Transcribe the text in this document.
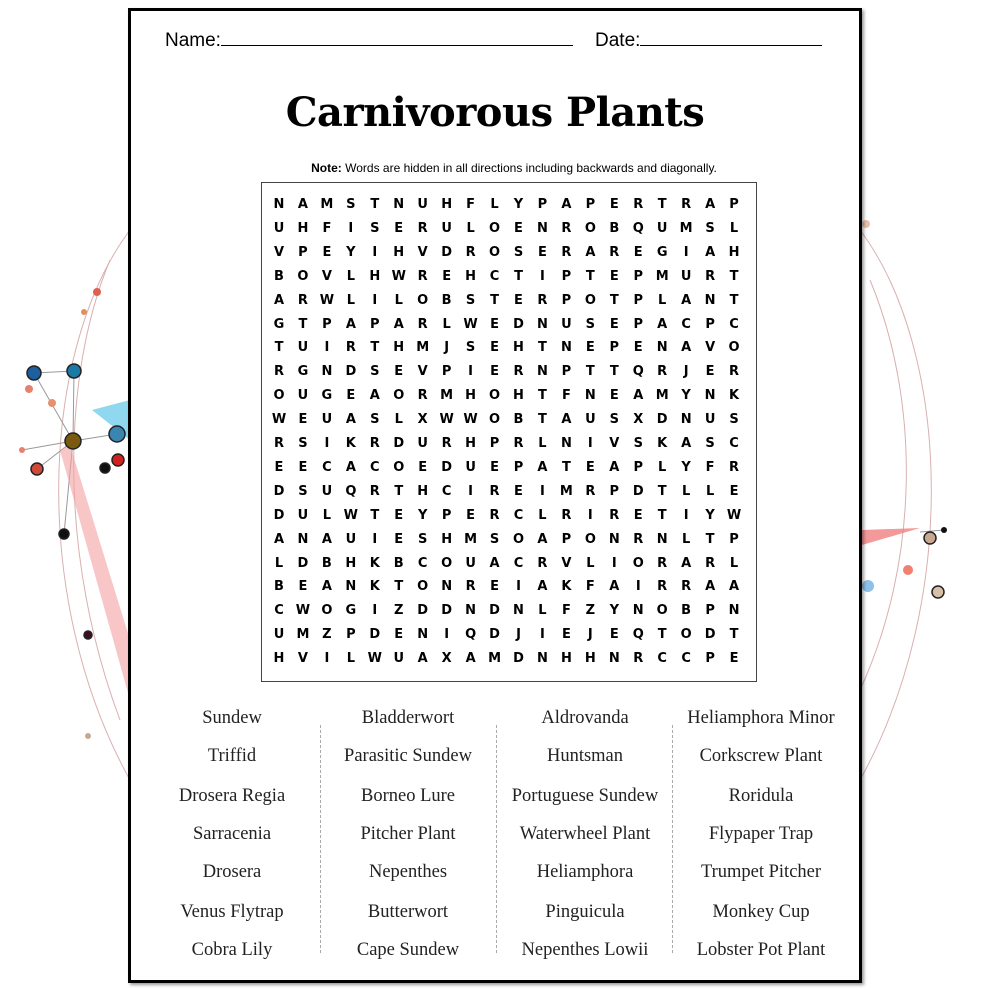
Name:	Date:
Carnivorous Plants
Note: Words are hidden in all directions including backwards and diagonally.
N	A M S	T	N	U	H	F	L	Y	P	A	P	E	R	T	R	A	P
U	H	F	I	S	E	R	U	L	O	E	N	R	O	B	Q	U M S	L
V	P	E	Y	I	H	V	D	R	O	S	E	R	A	R	E	G	I	A	H
B	O	V	L	H W R	E	H	C	T	I	P	T	E	P M U	R	T
A	R W L	I	L	O	B	S	T	E	R	P	O	T	P	L	A	N	T
G	T	P	A	P	A	R	L W E	D	N	U	S	E	P	A	C	P	C
T	U	I	R	T	H M	J	S	E	H	T	N	E	P	E	N	A	V	O
R	G	N	D	S	E	V	P	I	E	R	N	P	T	T	Q	R	J	E	R
O	U	G	E	A	O	R M H O H	T	F	N	E	A M Y	N	K
W E	U	A	S	L	X W W O	B	T	A	U	S	X	D	N	U	S
R	S	I	K	R	D	U	R	H	P	R	L	N	I	V	S	K	A	S	C
E	E	C	A	C	O	E	D	U	E	P	A	T	E	A	P	L	Y	F	R
D	S	U	Q	R	T	H	C	I	R	E	I	M R	P	D	T	L	L	E
D	U	L W T	E	Y	P	E	R	C	L	R	I	R	E	T	I	Y W
A	N	A	U	I	E	S	H M S	O	A	P	O N	R	N	L	T	P
L	D	B	H	K	B	C	O	U	A	C	R	V	L	I	O	R	A	R	L
B	E	A	N	K	T	O N	R	E	I	A	K	F	A	I	R	R	A	A
C W O	G	I	Z	D	D	N	D	N	L	F	Z	Y	N O	B	P	N
U M Z	P	D	E	N	I	Q	D	J	I	E	J	E	Q	T	O	D	T
H	V	I	L W U	A	X	A M D	N	H	H	N	R	C	C	P	E
Sundew
Triffid
Drosera Regia
Sarracenia
Drosera
Venus Flytrap
Cobra Lily
Bladderwort
Parasitic Sundew
Borneo Lure
Pitcher Plant
Nepenthes
Butterwort
Cape Sundew
Aldrovanda
Huntsman
Portuguese Sundew
Waterwheel Plant
Heliamphora
Pinguicula
Nepenthes Lowii
Heliamphora Minor
Corkscrew Plant
Roridula
Flypaper Trap
Trumpet Pitcher
Monkey Cup
Lobster Pot Plant
